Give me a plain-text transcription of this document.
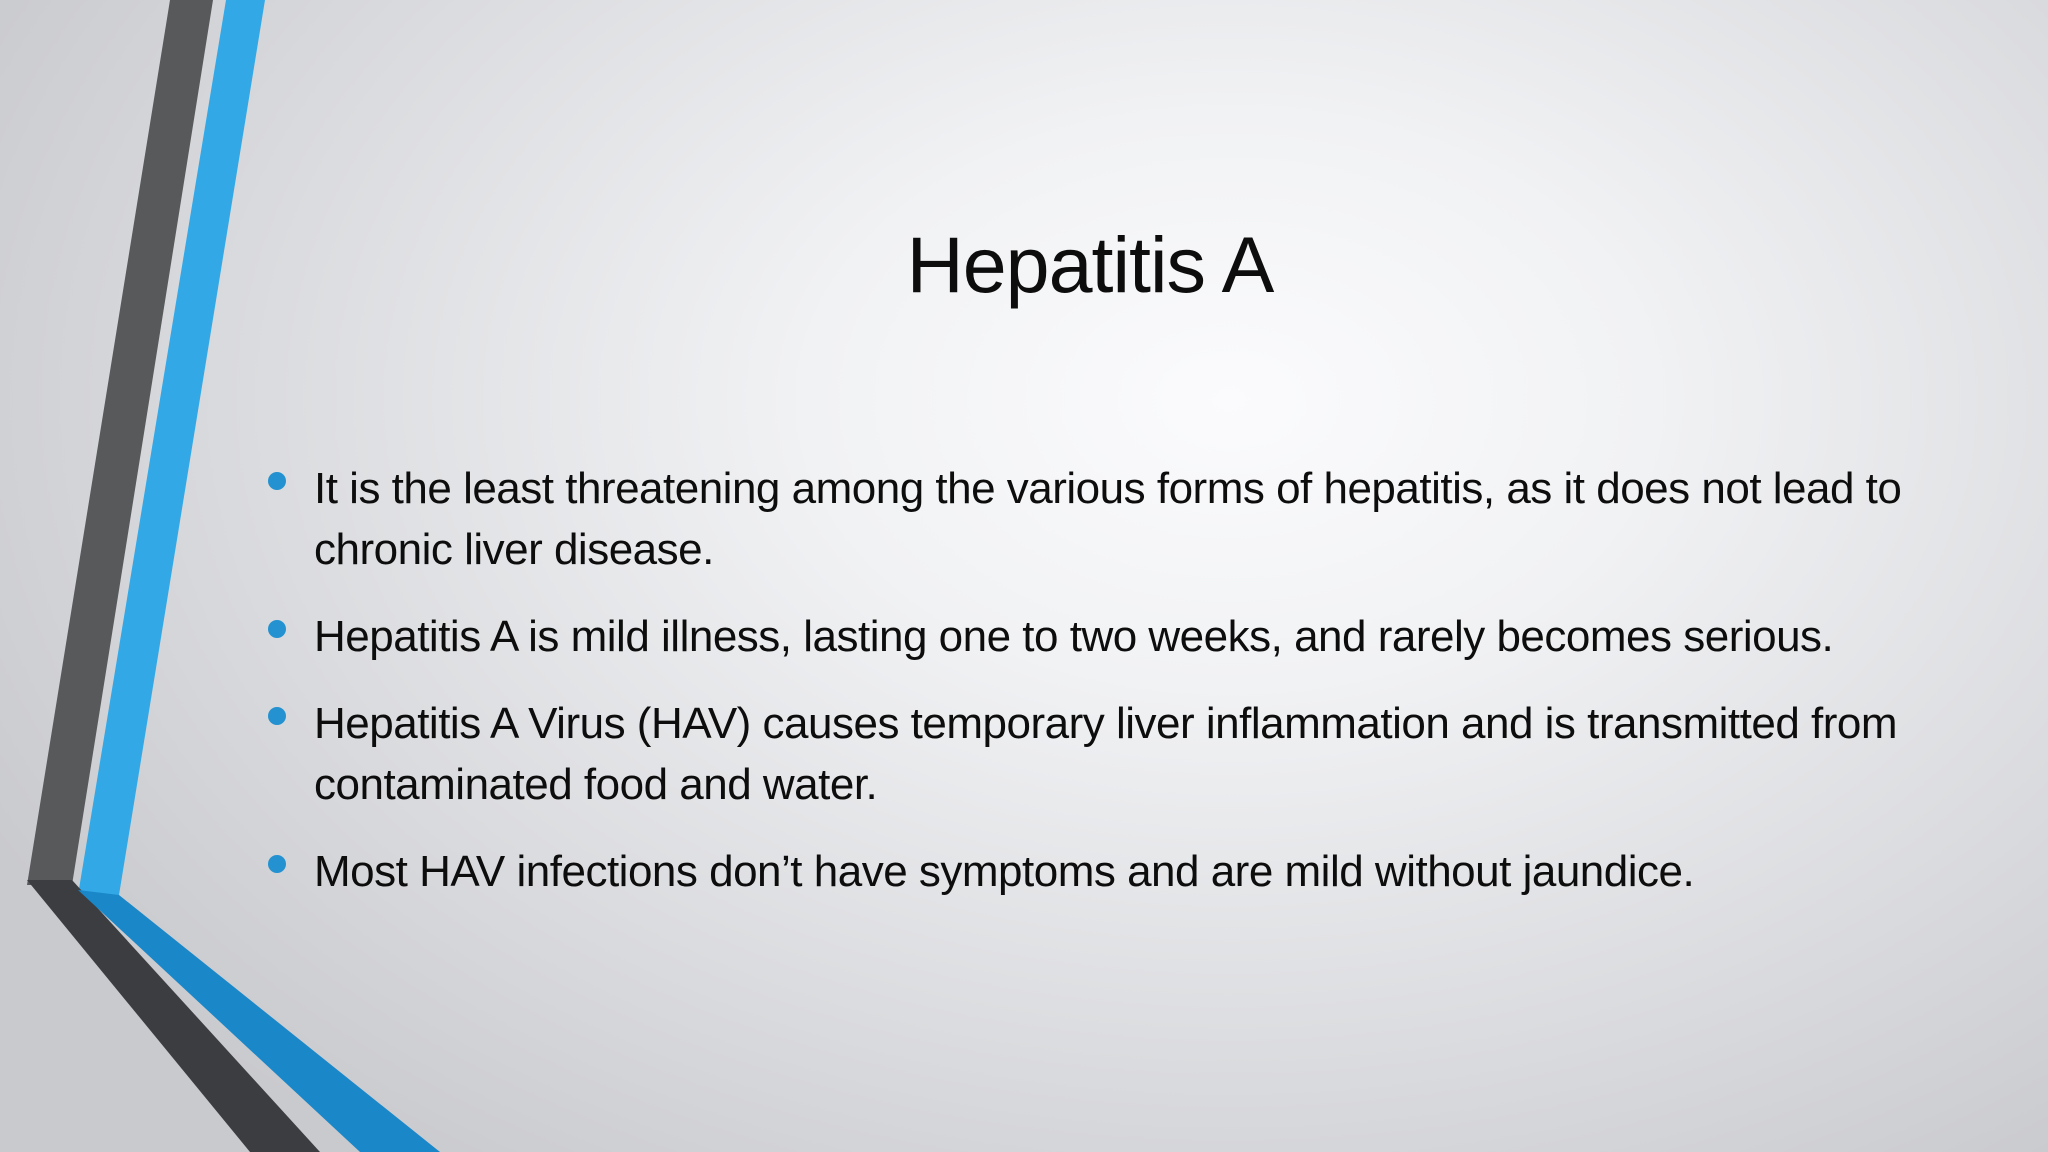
Hepatitis A
It is the least threatening among the various forms of hepatitis, as it does not lead to chronic liver disease.
Hepatitis A is mild illness, lasting one to two weeks, and rarely becomes serious.
Hepatitis A Virus (HAV) causes temporary liver inflammation and is transmitted from contaminated food and water.
Most HAV infections don’t have symptoms and are mild without jaundice.
